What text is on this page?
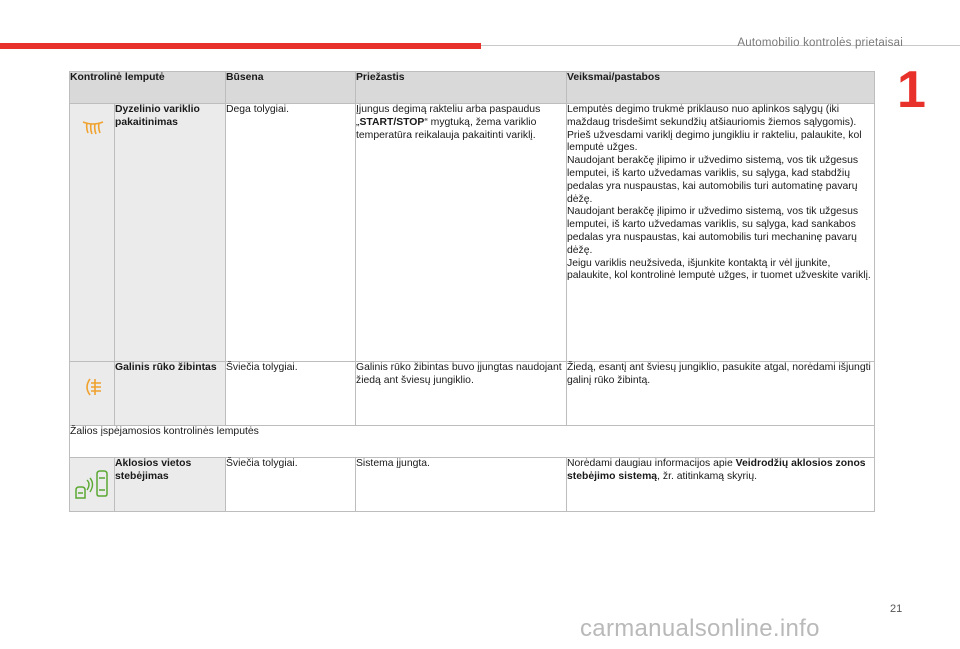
Automobilio kontrolės prietaisai
1
Kontrolinė lemputė		Būsena	Priežastis	Veiksmai/pastabos

	Dyzelinio variklio pakaitinimas	Dega tolygiai.	Įjungus degimą rakteliu arba paspaudus „START/STOP“ mygtuką, žema variklio temperatūra reikalauja pakaitinti variklį.	Lemputės degimo trukmė priklauso nuo aplinkos sąlygų (iki maždaug trisdešimt sekundžių atšiauriomis žiemos sąlygomis).
Prieš užvesdami variklį degimo jungikliu ir rakteliu, palaukite, kol lemputė užges.
Naudojant berakčę įlipimo ir užvedimo sistemą, vos tik užgesus lemputei, iš karto užvedamas variklis, su sąlyga, kad stabdžių pedalas yra nuspaustas, kai automobilis turi automatinę pavarų dėžę.
Naudojant berakčę įlipimo ir užvedimo sistemą, vos tik užgesus lemputei, iš karto užvedamas variklis, su sąlyga, kad sankabos pedalas yra nuspaustas, kai automobilis turi mechaninę pavarų dėžę.
Jeigu variklis neužsiveda, išjunkite kontaktą ir vėl įjunkite, palaukite, kol kontrolinė lemputė užges, ir tuomet užveskite variklį.

	Galinis rūko žibintas	Šviečia tolygiai.	Galinis rūko žibintas buvo įjungtas naudojant žiedą ant šviesų jungiklio.	Žiedą, esantį ant šviesų jungiklio, pasukite atgal, norėdami išjungti galinį rūko žibintą.
Žalios įspėjamosios kontrolinės lemputės				

	Aklosios vietos stebėjimas	Šviečia tolygiai.	Sistema įjungta.	Norėdami daugiau informacijos apie Veidrodžių aklosios zonos stebėjimo sistemą, žr. atitinkamą skyrių.
21
carmanualsonline.info
